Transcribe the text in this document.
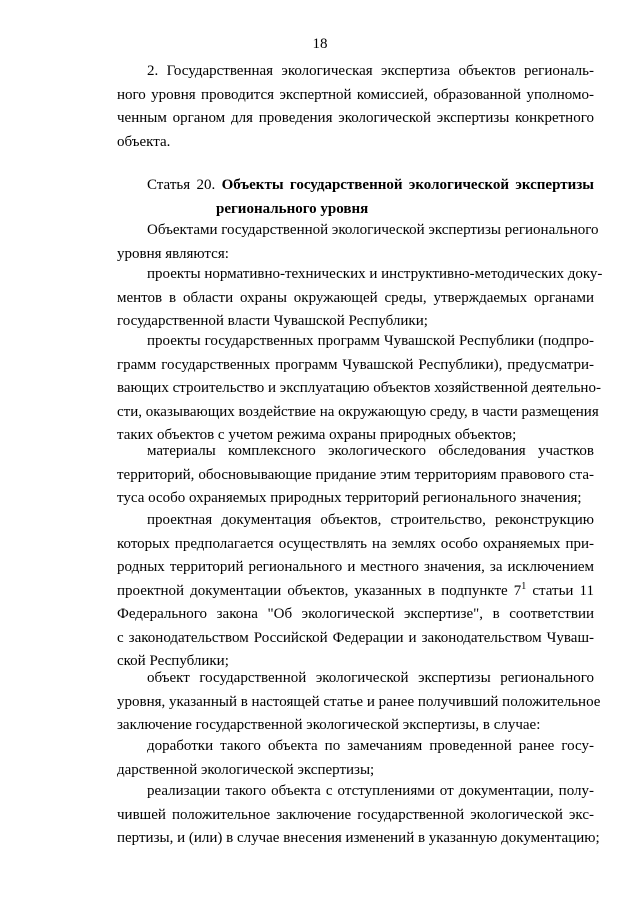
18
2. Государственная экологическая экспертиза объектов региональ-
ного уровня проводится экспертной комиссией, образованной уполномо-
ченным органом для проведения экологической экспертизы конкретного
объекта.
Статья 20. Объекты государственной экологической экспертизы
регионального уровня
Объектами государственной экологической экспертизы регионального
уровня являются:
проекты нормативно-технических и инструктивно-методических доку-
ментов в области охраны окружающей среды, утверждаемых органами
государственной власти Чувашской Республики;
проекты государственных программ Чувашской Республики (подпро-
грамм государственных программ Чувашской Республики), предусматри-
вающих строительство и эксплуатацию объектов хозяйственной деятельно-
сти, оказывающих воздействие на окружающую среду, в части размещения
таких объектов с учетом режима охраны природных объектов;
материалы комплексного экологического обследования участков
территорий, обосновывающие придание этим территориям правового ста-
туса особо охраняемых природных территорий регионального значения;
проектная документация объектов, строительство, реконструкцию
которых предполагается осуществлять на землях особо охраняемых при-
родных территорий регионального и местного значения, за исключением
проектной документации объектов, указанных в подпункте $7^1$ статьи 11
Федерального закона "Об экологической экспертизе", в соответствии
с законодательством Российской Федерации и законодательством Чуваш-
ской Республики;
объект государственной экологической экспертизы регионального
уровня, указанный в настоящей статье и ранее получивший положительное
заключение государственной экологической экспертизы, в случае:
доработки такого объекта по замечаниям проведенной ранее госу-
дарственной экологической экспертизы;
реализации такого объекта с отступлениями от документации, полу-
чившей положительное заключение государственной экологической экс-
пертизы, и (или) в случае внесения изменений в указанную документацию;
